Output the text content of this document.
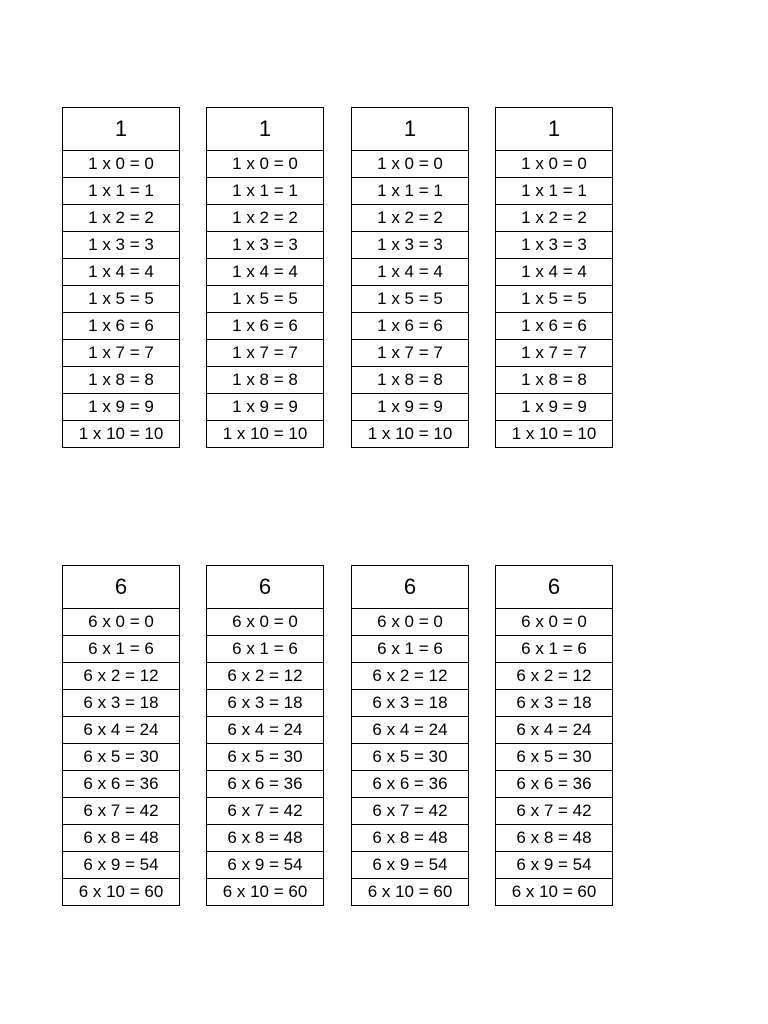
1
1 x 0 = 0
1 x 1 = 1
1 x 2 = 2
1 x 3 = 3
1 x 4 = 4
1 x 5 = 5
1 x 6 = 6
1 x 7 = 7
1 x 8 = 8
1 x 9 = 9
1 x 10 = 10
1
1 x 0 = 0
1 x 1 = 1
1 x 2 = 2
1 x 3 = 3
1 x 4 = 4
1 x 5 = 5
1 x 6 = 6
1 x 7 = 7
1 x 8 = 8
1 x 9 = 9
1 x 10 = 10
1
1 x 0 = 0
1 x 1 = 1
1 x 2 = 2
1 x 3 = 3
1 x 4 = 4
1 x 5 = 5
1 x 6 = 6
1 x 7 = 7
1 x 8 = 8
1 x 9 = 9
1 x 10 = 10
1
1 x 0 = 0
1 x 1 = 1
1 x 2 = 2
1 x 3 = 3
1 x 4 = 4
1 x 5 = 5
1 x 6 = 6
1 x 7 = 7
1 x 8 = 8
1 x 9 = 9
1 x 10 = 10
6
6 x 0 = 0
6 x 1 = 6
6 x 2 = 12
6 x 3 = 18
6 x 4 = 24
6 x 5 = 30
6 x 6 = 36
6 x 7 = 42
6 x 8 = 48
6 x 9 = 54
6 x 10 = 60
6
6 x 0 = 0
6 x 1 = 6
6 x 2 = 12
6 x 3 = 18
6 x 4 = 24
6 x 5 = 30
6 x 6 = 36
6 x 7 = 42
6 x 8 = 48
6 x 9 = 54
6 x 10 = 60
6
6 x 0 = 0
6 x 1 = 6
6 x 2 = 12
6 x 3 = 18
6 x 4 = 24
6 x 5 = 30
6 x 6 = 36
6 x 7 = 42
6 x 8 = 48
6 x 9 = 54
6 x 10 = 60
6
6 x 0 = 0
6 x 1 = 6
6 x 2 = 12
6 x 3 = 18
6 x 4 = 24
6 x 5 = 30
6 x 6 = 36
6 x 7 = 42
6 x 8 = 48
6 x 9 = 54
6 x 10 = 60
